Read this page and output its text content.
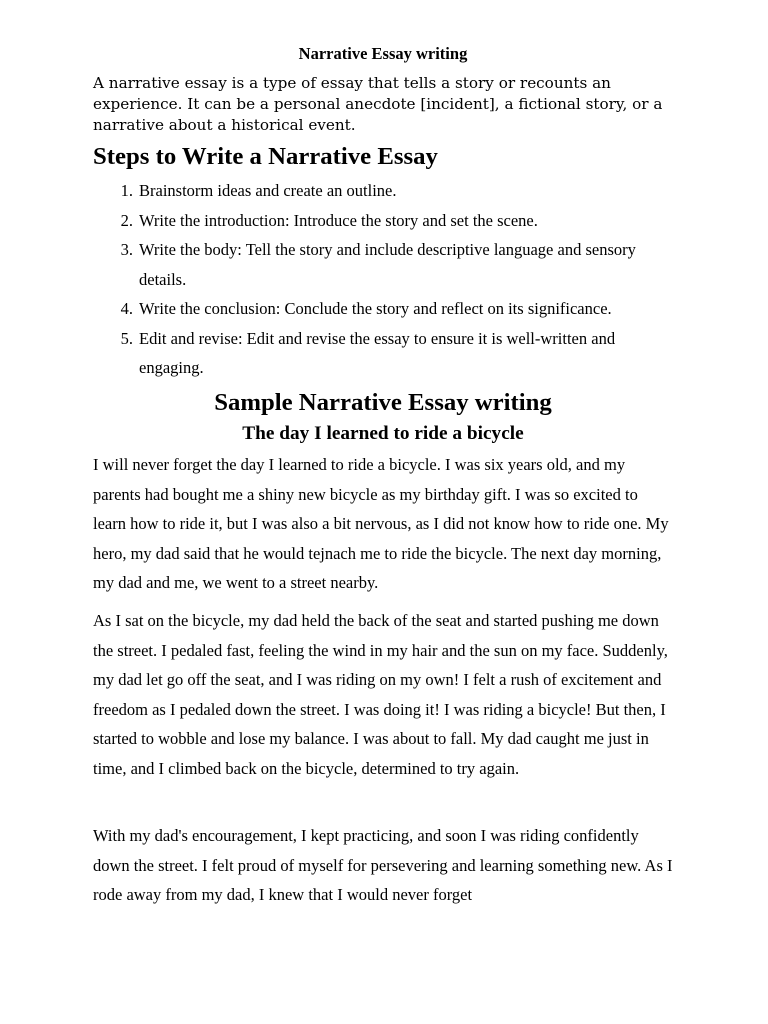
Narrative Essay writing

A narrative essay is a type of essay that tells a story or recounts an experience. It can be a personal anecdote [incident], a fictional story, or a narrative about a historical event.

Steps to Write a Narrative Essay
1. Brainstorm ideas and create an outline.
2. Write the introduction: Introduce the story and set the scene.
3. Write the body: Tell the story and include descriptive language and sensory details.
4. Write the conclusion: Conclude the story and reflect on its significance.
5. Edit and revise: Edit and revise the essay to ensure it is well-written and engaging.
Sample Narrative Essay writing
The day I learned to ride a bicycle

I will never forget the day I learned to ride a bicycle. I was six years old, and my parents had bought me a shiny new bicycle as my birthday gift. I was so excited to learn how to ride it, but I was also a bit nervous, as I did not know how to ride one. My hero, my dad said that he would tejnach me to ride the bicycle. The next day morning, my dad and me, we went to a street nearby.

As I sat on the bicycle, my dad held the back of the seat and started pushing me down the street. I pedaled fast, feeling the wind in my hair and the sun on my face. Suddenly, my dad let go off the seat, and I was riding on my own! I felt a rush of excitement and freedom as I pedaled down the street. I was doing it! I was riding a bicycle! But then, I started to wobble and lose my balance. I was about to fall. My dad caught me just in time, and I climbed back on the bicycle, determined to try again.

With my dad's encouragement, I kept practicing, and soon I was riding confidently down the street. I felt proud of myself for persevering and learning something new. As I rode away from my dad, I knew that I would never forget
